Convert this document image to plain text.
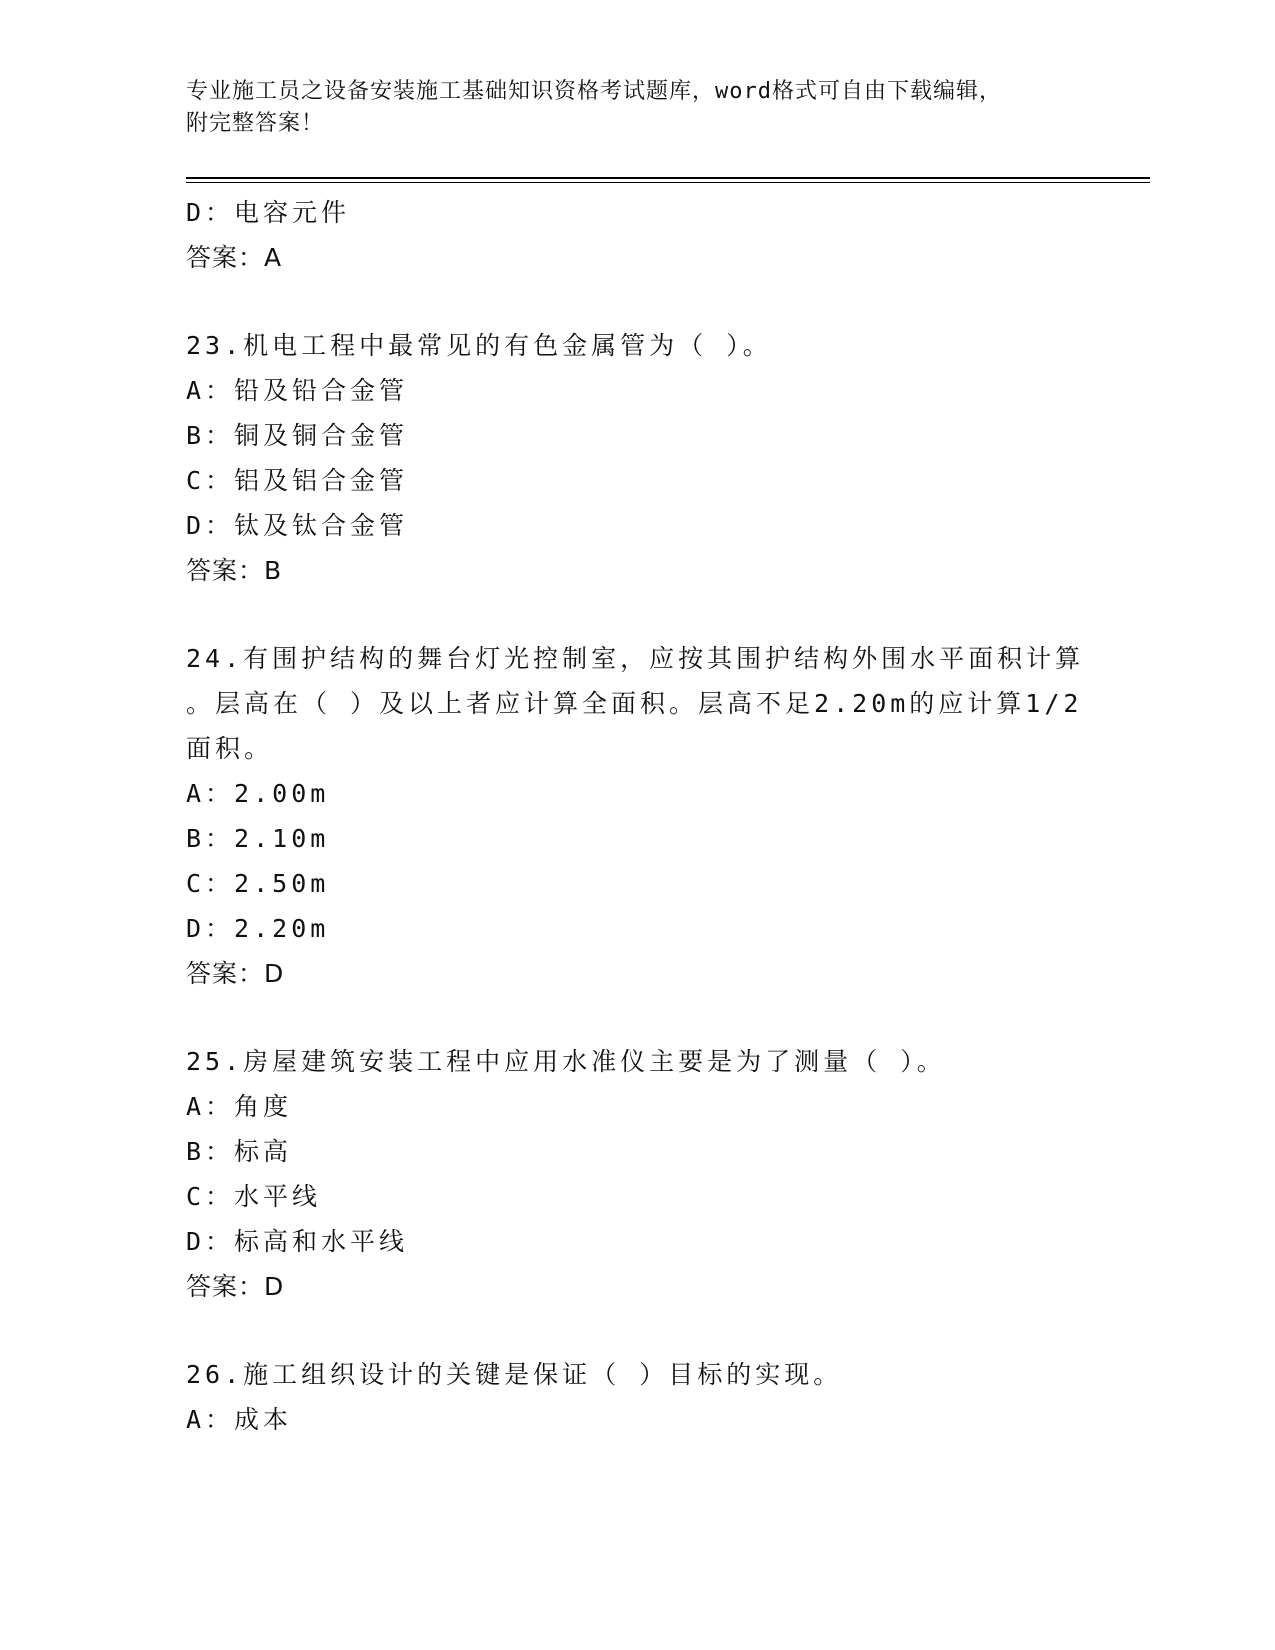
专业施工员之设备安装施工基础知识资格考试题库，word格式可自由下载编辑，
附完整答案！
D：电容元件
答案：A
23.机电工程中最常见的有色金属管为（ ）。
A：铅及铅合金管
B：铜及铜合金管
C：铝及铝合金管
D：钛及钛合金管
答案：B
24.有围护结构的舞台灯光控制室，应按其围护结构外围水平面积计算
。层高在（ ）及以上者应计算全面积。层高不足2.20m的应计算1/2
面积。
A：2.00m
B：2.10m
C：2.50m
D：2.20m
答案：D
25.房屋建筑安装工程中应用水准仪主要是为了测量（ ）。
A：角度
B：标高
C：水平线
D：标高和水平线
答案：D
26.施工组织设计的关键是保证（ ）目标的实现。
A：成本
